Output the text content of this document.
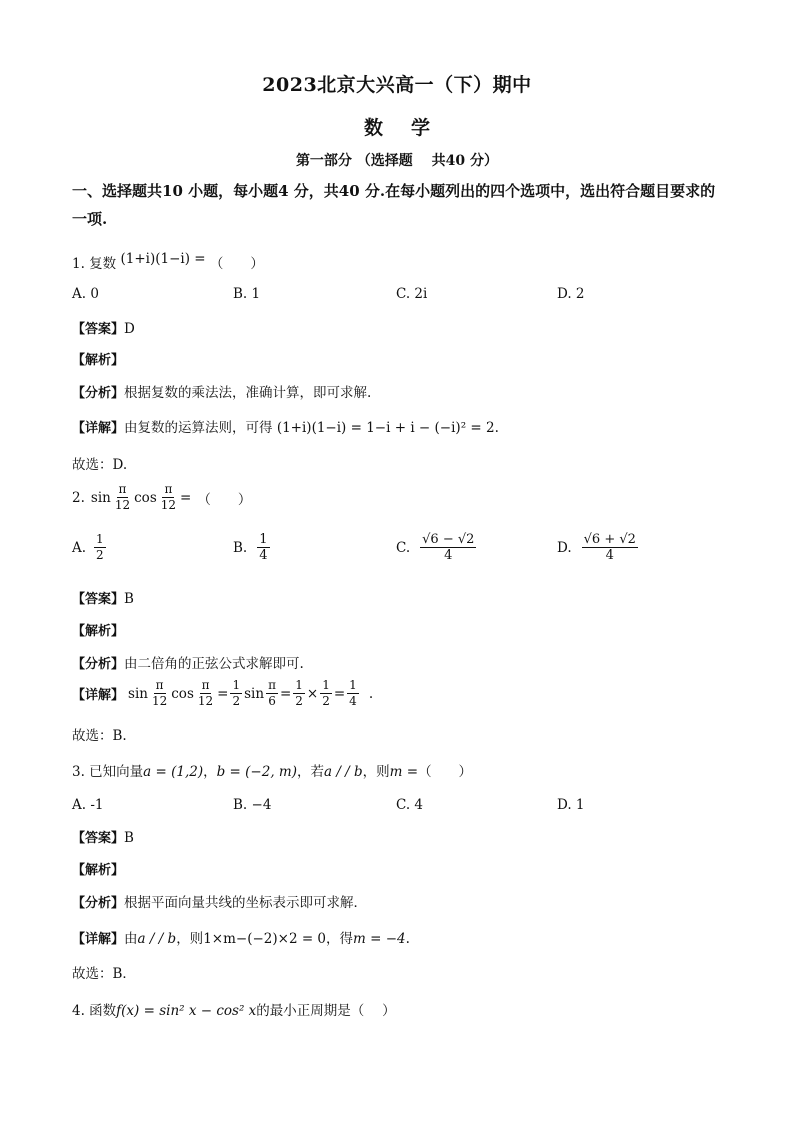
2023北京大兴高一（下）期中
数学
第一部分 （选择题　 共40 分）
一、选择题共10 小题，每小题4 分，共40 分.在每小题列出的四个选项中，选出符合题目要求的一项.
1. 复数 (1+i)(1−i) = （　　）
A. 0	B. 1	C. 2i	D. 2
【答案】D
【解析】
【分析】根据复数的乘法法，准确计算，即可求解.
【详解】由复数的运算法则，可得 (1+i)(1−i) = 1−i + i − (−i)² = 2.
故选：D.
2. $\sin \frac{\pi}{12}$ $\cos \frac{\pi}{12}$ = （　　）
A. $\frac{1}{2}$	B. $\frac{1}{4}$	C. $\frac{√6 - √2}{4}$	D. $\frac{√6 + √2}{4}$
【答案】B
【解析】
【分析】由二倍角的正弦公式求解即可.
【详解】 $\sin \frac{\pi}{12}$ $\cos \frac{\pi}{12} = \frac{1}{2}$ $\sin \frac{\pi}{6} = \frac{1}{2} \times \frac{1}{2} = \frac{1}{4}$ .
故选：B.
3. 已知向量a = (1,2)，b = (−2, m)，若a / / b，则m =（　　）
A. -1	B. −4	C. 4	D. 1
【答案】B
【解析】
【分析】根据平面向量共线的坐标表示即可求解．
【详解】由a / / b，则1×m−(−2)×2 = 0，得m = −4.
故选：B．
4. 函数f(x) = sin² x − cos² x的最小正周期是（　 ）
